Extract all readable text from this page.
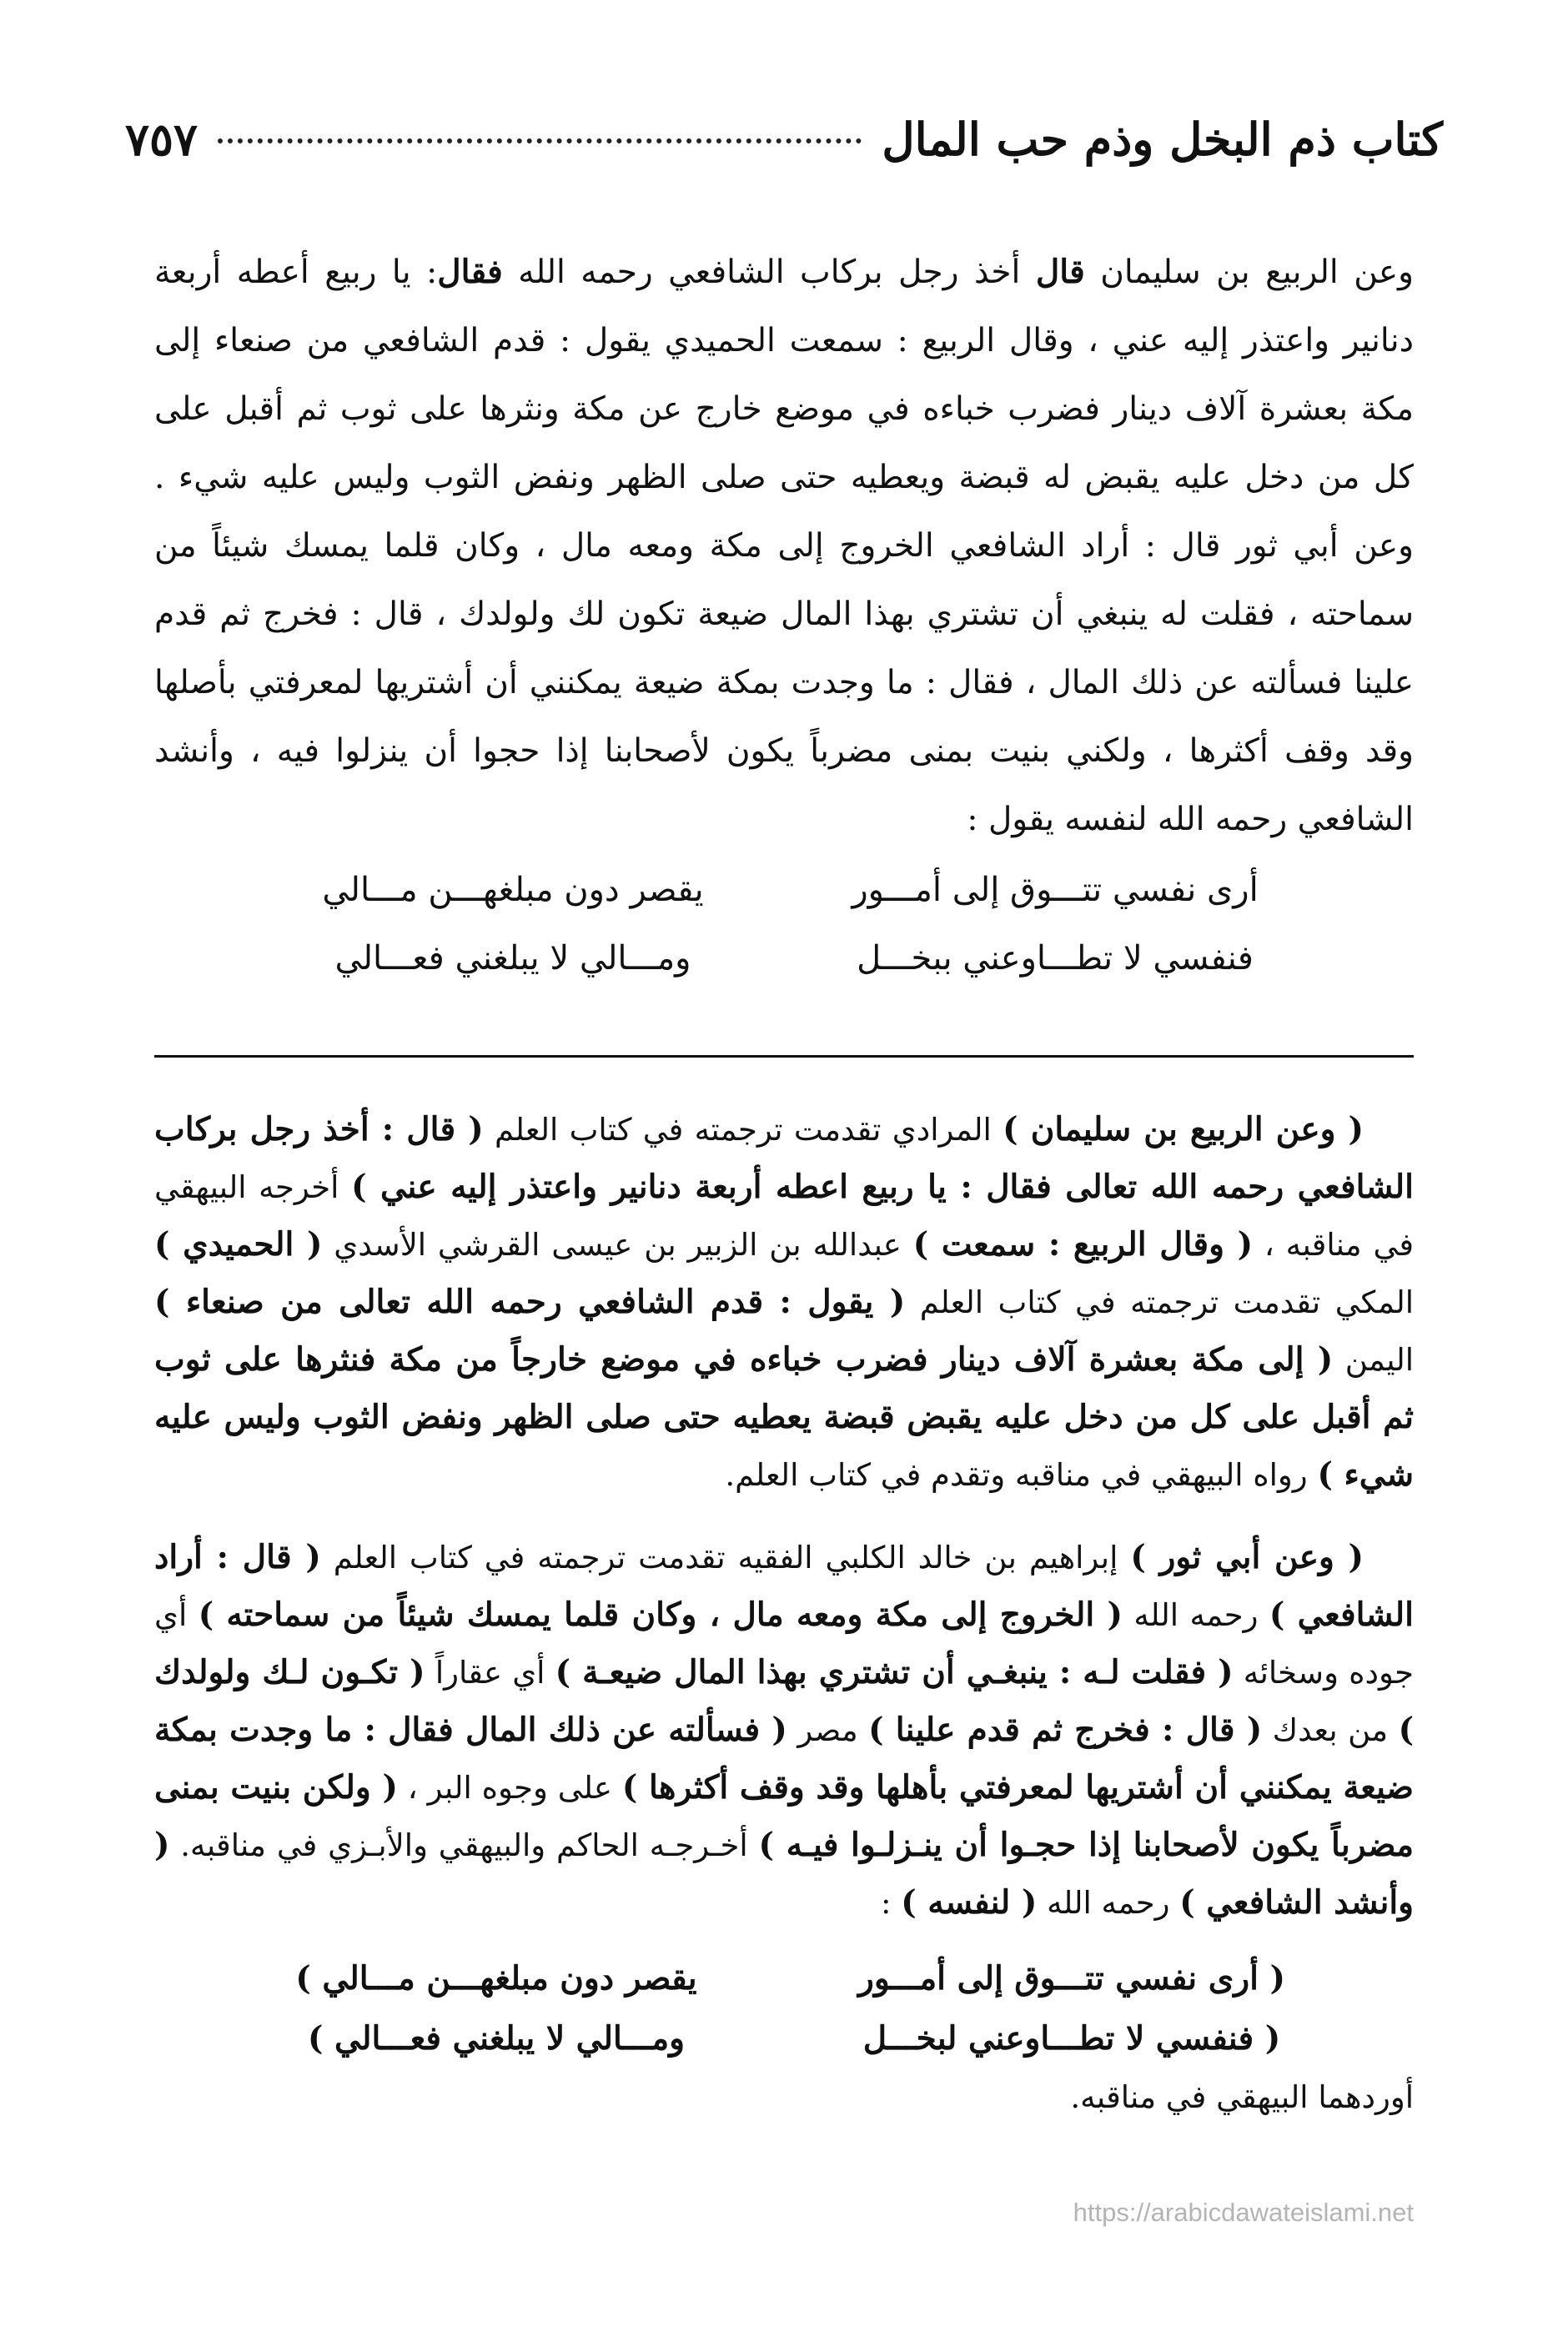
كتاب ذم البخل وذم حب المال
٧٥٧

وعن الربيع بن سليمان قال أخذ رجل بركاب الشافعي رحمه الله فقال: يا ربيع أعطه أربعة دنانير واعتذر إليه عني ، وقال الربيع : سمعت الحميدي يقول : قدم الشافعي من صنعاء إلى مكة بعشرة آلاف دينار فضرب خباءه في موضع خارج عن مكة ونثرها على ثوب ثم أقبل على كل من دخل عليه يقبض له قبضة ويعطيه حتى صلى الظهر ونفض الثوب وليس عليه شيء . وعن أبي ثور قال : أراد الشافعي الخروج إلى مكة ومعه مال ، وكان قلما يمسك شيئاً من سماحته ، فقلت له ينبغي أن تشتري بهذا المال ضيعة تكون لك ولولدك ، قال : فخرج ثم قدم علينا فسألته عن ذلك المال ، فقال : ما وجدت بمكة ضيعة يمكنني أن أشتريها لمعرفتي بأصلها وقد وقف أكثرها ، ولكني بنيت بمنى مضرباً يكون لأصحابنا إذا حجوا أن ينزلوا فيه ، وأنشد الشافعي رحمه الله لنفسه يقول :

أرى نفسي تتـــوق إلى أمـــور
يقصر دون مبلغهـــن مـــالي
فنفسي لا تطـــاوعني ببخـــل
ومـــالي لا يبلغني فعـــالي

( وعن الربيع بن سليمان ) المرادي تقدمت ترجمته في كتاب العلم ( قال : أخذ رجل بركاب الشافعي رحمه الله تعالى فقال : يا ربيع اعطه أربعة دنانير واعتذر إليه عني ) أخرجه البيهقي في مناقبه ، ( وقال الربيع : سمعت ) عبدالله بن الزبير بن عيسى القرشي الأسدي ( الحميدي ) المكي تقدمت ترجمته في كتاب العلم ( يقول : قدم الشافعي رحمه الله تعالى من صنعاء ) اليمن ( إلى مكة بعشرة آلاف دينار فضرب خباءه في موضع خارجاً من مكة فنثرها على ثوب ثم أقبل على كل من دخل عليه يقبض قبضة يعطيه حتى صلى الظهر ونفض الثوب وليس عليه شيء ) رواه البيهقي في مناقبه وتقدم في كتاب العلم.

( وعن أبي ثور ) إبراهيم بن خالد الكلبي الفقيه تقدمت ترجمته في كتاب العلم ( قال : أراد الشافعي ) رحمه الله ( الخروج إلى مكة ومعه مال ، وكان قلما يمسك شيئاً من سماحته ) أي جوده وسخائه ( فقلت لـه : ينبغـي أن تشتري بهذا المال ضيعـة ) أي عقاراً ( تكـون لـك ولولدك ) من بعدك ( قال : فخرج ثم قدم علينا ) مصر ( فسألته عن ذلك المال فقال : ما وجدت بمكة ضيعة يمكنني أن أشتريها لمعرفتي بأهلها وقد وقف أكثرها ) على وجوه البر ، ( ولكن بنيت بمنى مضرباً يكون لأصحابنا إذا حجـوا أن ينـزلـوا فيـه ) أخـرجـه الحاكم والبيهقي والأبـزي في مناقبه. ( وأنشد الشافعي ) رحمه الله ( لنفسه ) :

( أرى نفسي تتـــوق إلى أمـــور
يقصر دون مبلغهـــن مـــالي )
( فنفسي لا تطـــاوعني لبخـــل
ومـــالي لا يبلغني فعـــالي )

أوردهما البيهقي في مناقبه.

https://arabicdawateislami.net
